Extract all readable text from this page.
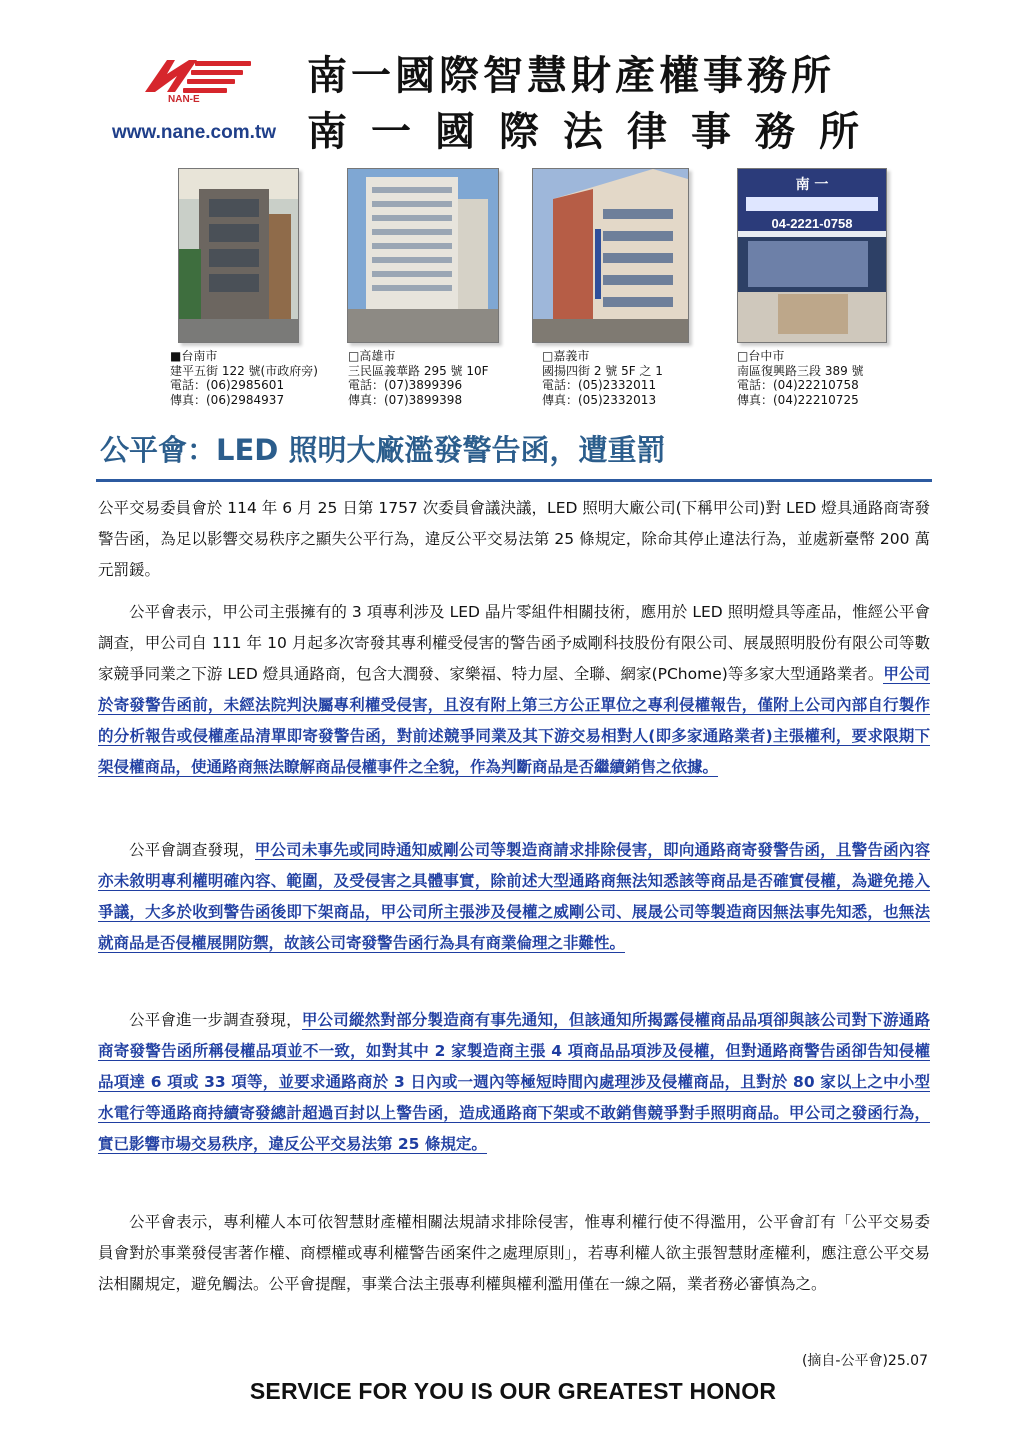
NAN-E
www.nane.com.tw
南一國際智慧財產權事務所
南一國際法律事務所
南 一
04-2221-0758
■台南市
建平五街 122 號(市政府旁)
電話：(06)2985601
傳真：(06)2984937
□高雄市
三民區義華路 295 號 10F
電話：(07)3899396
傳真：(07)3899398
□嘉義市
國揚四街 2 號 5F 之 1
電話：(05)2332011
傳真：(05)2332013
□台中市
南區復興路三段 389 號
電話：(04)22210758
傳真：(04)22210725
公平會：LED 照明大廠濫發警告函，遭重罰

公平交易委員會於 114 年 6 月 25 日第 1757 次委員會議決議，LED 照明大廠公司(下稱甲公司)對 LED 燈具通路商寄發警告函，為足以影響交易秩序之顯失公平行為，違反公平交易法第 25 條規定，除命其停止違法行為，並處新臺幣 200 萬元罰鍰。

公平會表示，甲公司主張擁有的 3 項專利涉及 LED 晶片零組件相關技術，應用於 LED 照明燈具等產品，惟經公平會調查，甲公司自 111 年 10 月起多次寄發其專利權受侵害的警告函予威剛科技股份有限公司、展晟照明股份有限公司等數家競爭同業之下游 LED 燈具通路商，包含大潤發、家樂福、特力屋、全聯、網家(PChome)等多家大型通路業者。甲公司於寄發警告函前，未經法院判決屬專利權受侵害，且沒有附上第三方公正單位之專利侵權報告，僅附上公司內部自行製作的分析報告或侵權產品清單即寄發警告函，對前述競爭同業及其下游交易相對人(即多家通路業者)主張權利，要求限期下架侵權商品，使通路商無法瞭解商品侵權事件之全貌，作為判斷商品是否繼續銷售之依據。

公平會調查發現，甲公司未事先或同時通知威剛公司等製造商請求排除侵害，即向通路商寄發警告函，且警告函內容亦未敘明專利權明確內容、範圍，及受侵害之具體事實，除前述大型通路商無法知悉該等商品是否確實侵權，為避免捲入爭議，大多於收到警告函後即下架商品，甲公司所主張涉及侵權之威剛公司、展晟公司等製造商因無法事先知悉，也無法就商品是否侵權展開防禦，故該公司寄發警告函行為具有商業倫理之非難性。

公平會進一步調查發現，甲公司縱然對部分製造商有事先通知，但該通知所揭露侵權商品品項卻與該公司對下游通路商寄發警告函所稱侵權品項並不一致，如對其中 2 家製造商主張 4 項商品品項涉及侵權，但對通路商警告函卻告知侵權品項達 6 項或 33 項等，並要求通路商於 3 日內或一週內等極短時間內處理涉及侵權商品，且對於 80 家以上之中小型水電行等通路商持續寄發總計超過百封以上警告函，造成通路商下架或不敢銷售競爭對手照明商品。甲公司之發函行為，實已影響市場交易秩序，違反公平交易法第 25 條規定。

公平會表示，專利權人本可依智慧財產權相關法規請求排除侵害，惟專利權行使不得濫用，公平會訂有「公平交易委員會對於事業發侵害著作權、商標權或專利權警告函案件之處理原則」，若專利權人欲主張智慧財產權利，應注意公平交易法相關規定，避免觸法。公平會提醒，事業合法主張專利權與權利濫用僅在一線之隔，業者務必審慎為之。

(摘自-公平會)25.07
SERVICE FOR YOU IS OUR GREATEST HONOR
